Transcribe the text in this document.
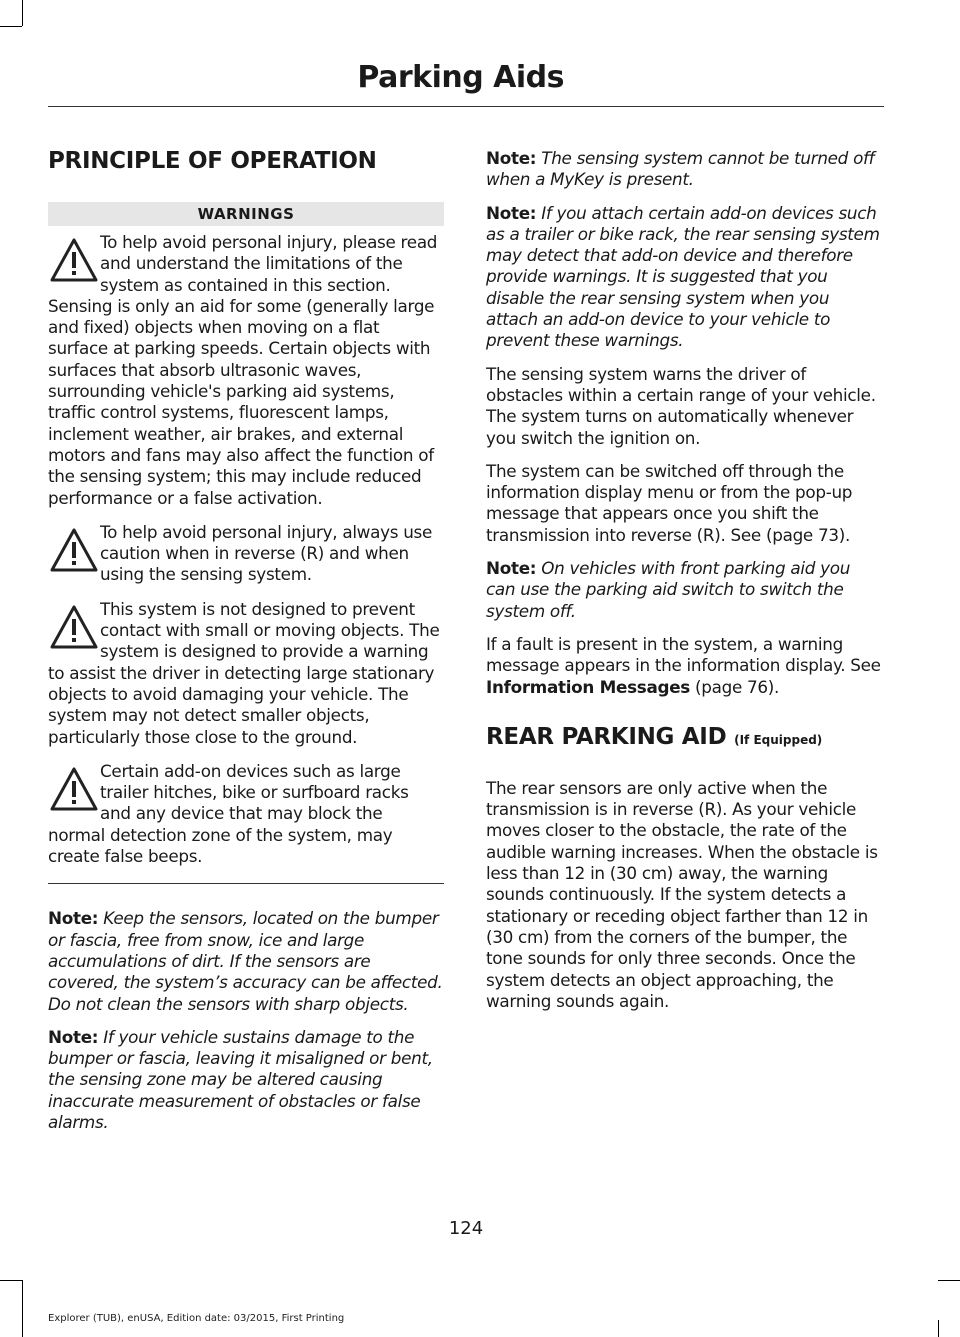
Parking Aids
PRINCIPLE OF OPERATION
WARNINGS

To help avoid personal injury, please read and understand the limitations of the system as contained in this section. Sensing is only an aid for some (generally large and fixed) objects when moving on a flat surface at parking speeds. Certain objects with surfaces that absorb ultrasonic waves, surrounding vehicle's parking aid systems, traffic control systems, fluorescent lamps, inclement weather, air brakes, and external motors and fans may also affect the function of the sensing system; this may include reduced performance or a false activation.

To help avoid personal injury, always use caution when in reverse (R) and when using the sensing system.

This system is not designed to prevent contact with small or moving objects. The system is designed to provide a warning to assist the driver in detecting large stationary objects to avoid damaging your vehicle. The system may not detect smaller objects, particularly those close to the ground.

Certain add-on devices such as large trailer hitches, bike or surfboard racks and any device that may block the normal detection zone of the system, may create false beeps.

Note: Keep the sensors, located on the bumper or fascia, free from snow, ice and large accumulations of dirt. If the sensors are covered, the system’s accuracy can be affected. Do not clean the sensors with sharp objects.

Note: If your vehicle sustains damage to the bumper or fascia, leaving it misaligned or bent, the sensing zone may be altered causing inaccurate measurement of obstacles or false alarms.

Note: The sensing system cannot be turned off when a MyKey is present.

Note: If you attach certain add-on devices such as a trailer or bike rack, the rear sensing system may detect that add-on device and therefore provide warnings. It is suggested that you disable the rear sensing system when you attach an add-on device to your vehicle to prevent these warnings.

The sensing system warns the driver of obstacles within a certain range of your vehicle. The system turns on automatically whenever you switch the ignition on.

The system can be switched off through the information display menu or from the pop-up message that appears once you shift the transmission into reverse (R). See (page 73).

Note: On vehicles with front parking aid you can use the parking aid switch to switch the system off.

If a fault is present in the system, a warning message appears in the information display. See Information Messages (page 76).

REAR PARKING AID (If Equipped)

The rear sensors are only active when the transmission is in reverse (R). As your vehicle moves closer to the obstacle, the rate of the audible warning increases. When the obstacle is less than 12 in (30 cm) away, the warning sounds continuously. If the system detects a stationary or receding object farther than 12 in (30 cm) from the corners of the bumper, the tone sounds for only three seconds. Once the system detects an object approaching, the warning sounds again.

124
Explorer (TUB), enUSA, Edition date: 03/2015, First Printing
